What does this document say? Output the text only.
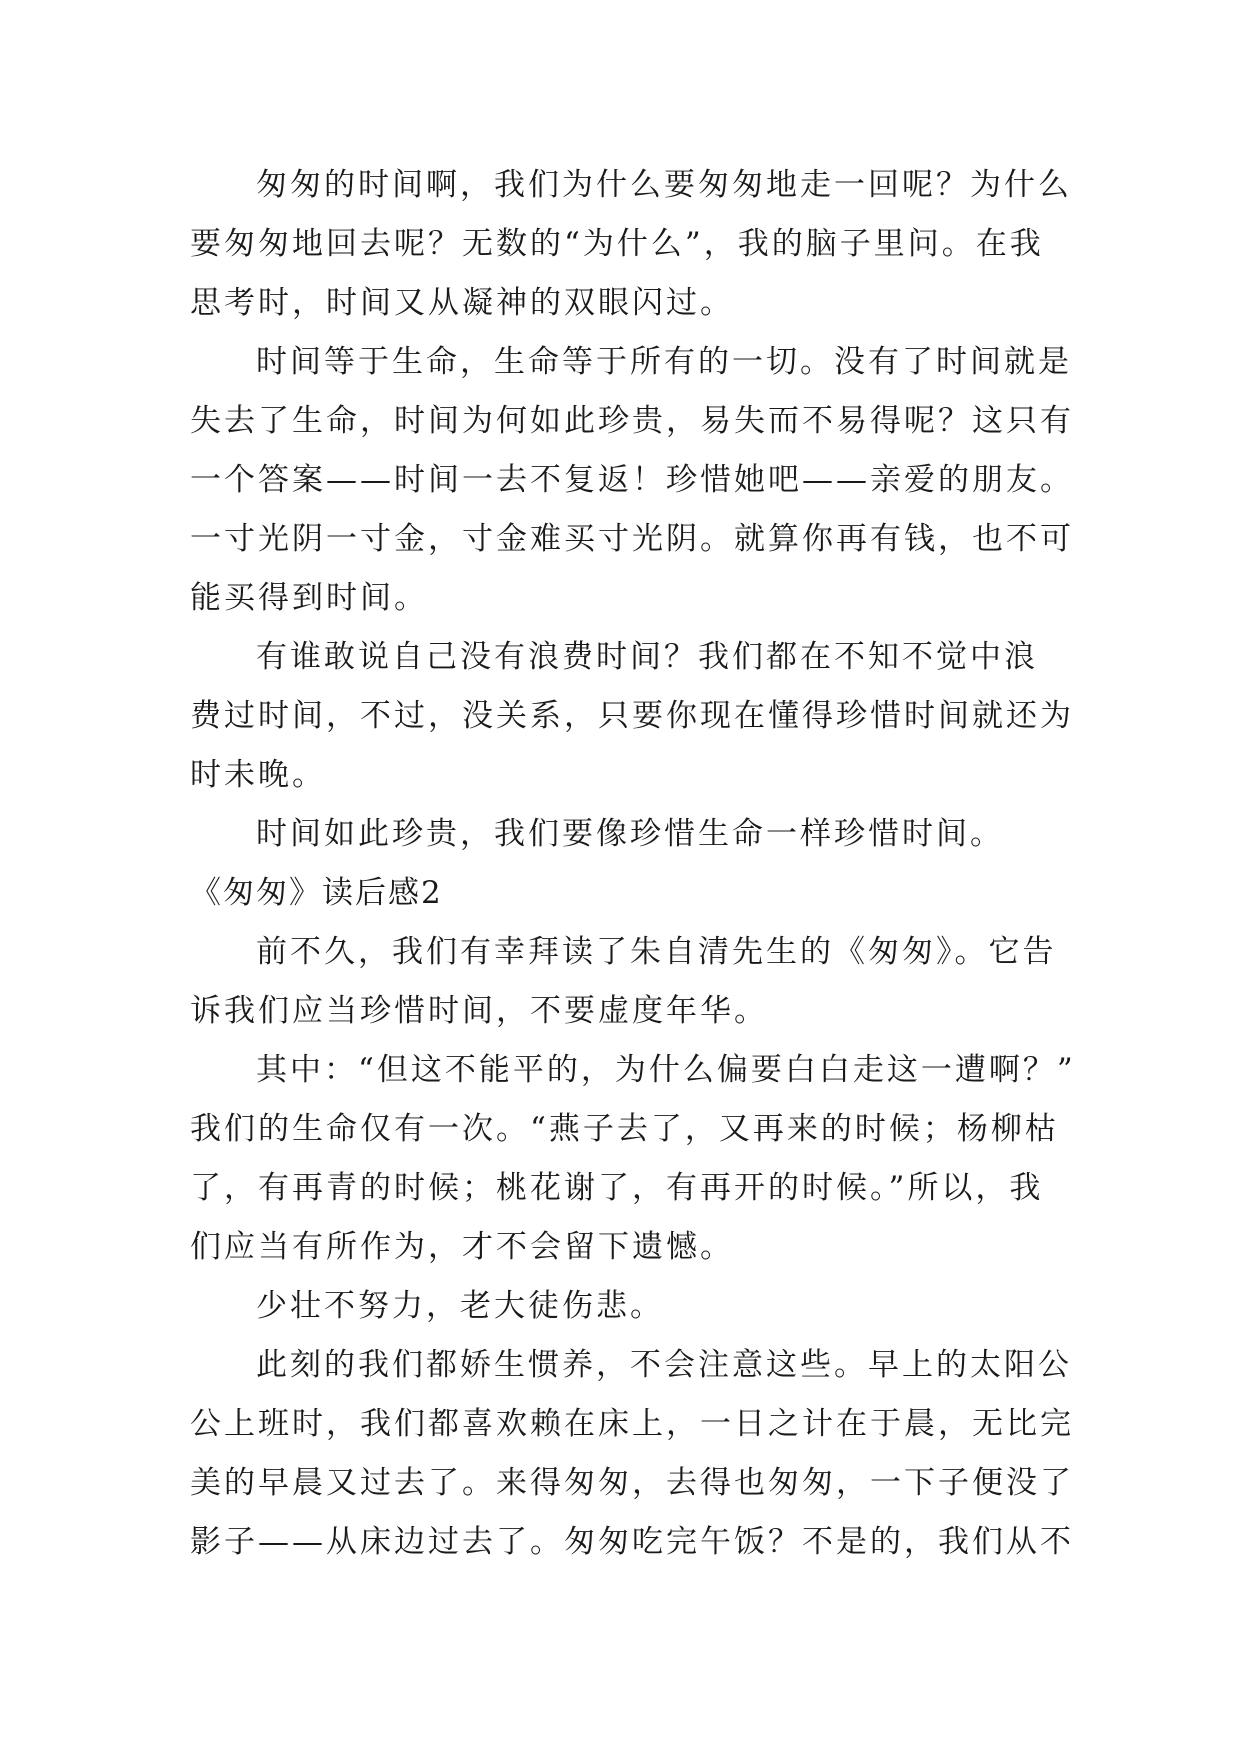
匆匆的时间啊，我们为什么要匆匆地走一回呢？为什么
要匆匆地回去呢？无数的“为什么”，我的脑子里问。在我
思考时，时间又从凝神的双眼闪过。
时间等于生命，生命等于所有的一切。没有了时间就是
失去了生命，时间为何如此珍贵，易失而不易得呢？这只有
一个答案——时间一去不复返！珍惜她吧——亲爱的朋友。
一寸光阴一寸金，寸金难买寸光阴。就算你再有钱，也不可
能买得到时间。
有谁敢说自己没有浪费时间？我们都在不知不觉中浪
费过时间，不过，没关系，只要你现在懂得珍惜时间就还为
时未晚。
时间如此珍贵，我们要像珍惜生命一样珍惜时间。
《匆匆》读后感2
前不久，我们有幸拜读了朱自清先生的《匆匆》。它告
诉我们应当珍惜时间，不要虚度年华。
其中：“但这不能平的，为什么偏要白白走这一遭啊？”
我们的生命仅有一次。“燕子去了，又再来的时候；杨柳枯
了，有再青的时候；桃花谢了，有再开的时候。”所以，我
们应当有所作为，才不会留下遗憾。
少壮不努力，老大徒伤悲。
此刻的我们都娇生惯养，不会注意这些。早上的太阳公
公上班时，我们都喜欢赖在床上，一日之计在于晨，无比完
美的早晨又过去了。来得匆匆，去得也匆匆，一下子便没了
影子——从床边过去了。匆匆吃完午饭？不是的，我们从不
